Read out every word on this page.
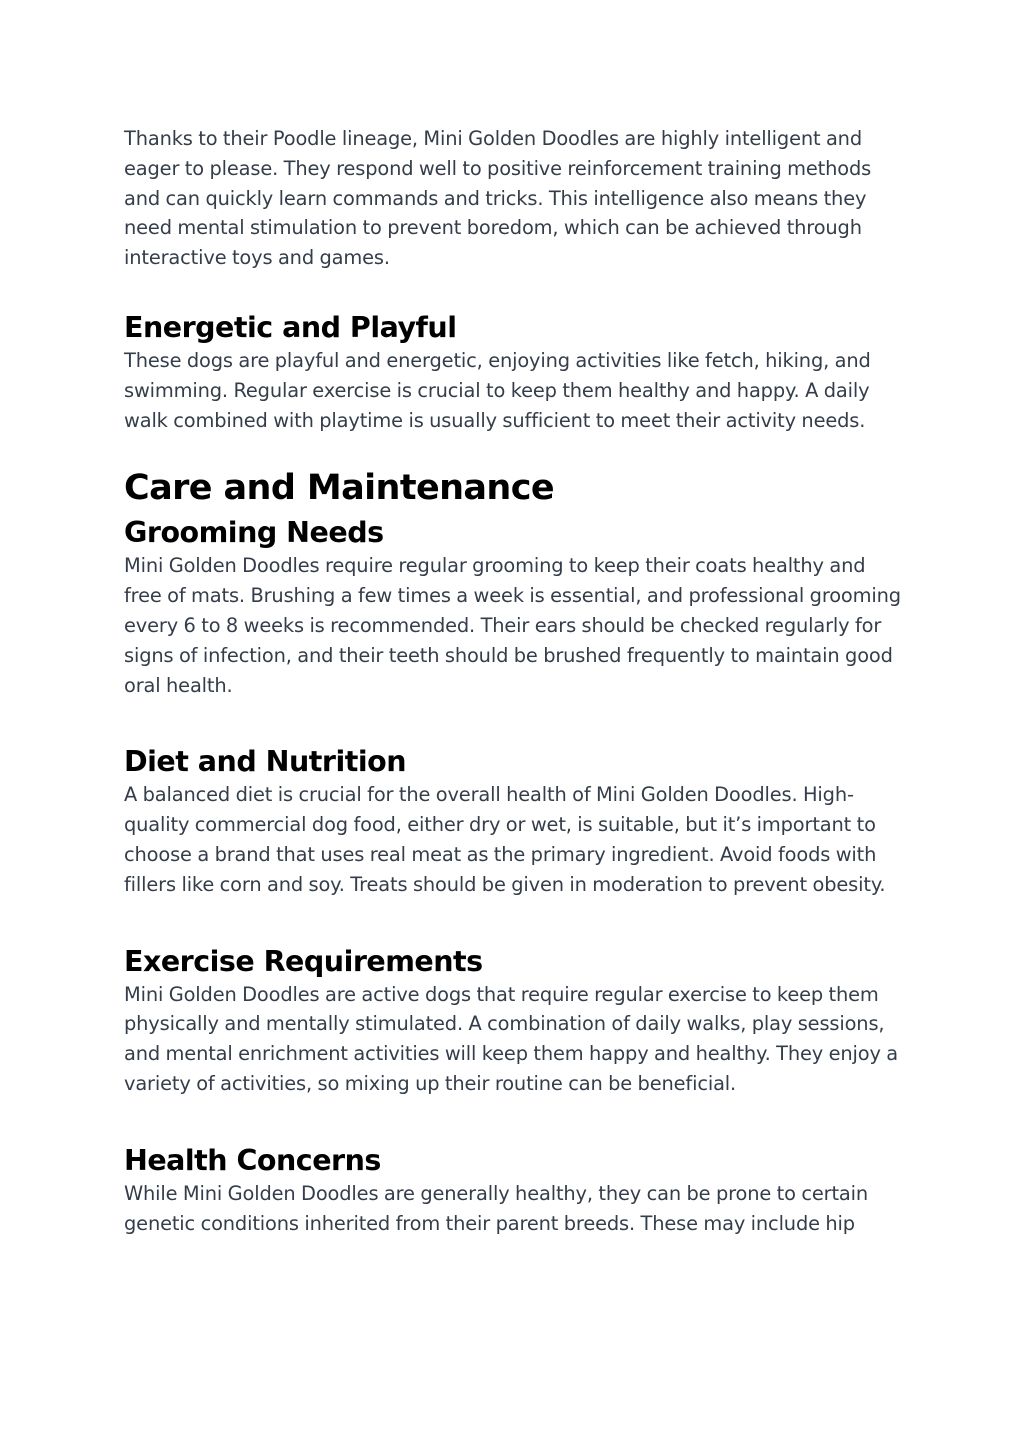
Thanks to their Poodle lineage, Mini Golden Doodles are highly intelligent and eager to please. They respond well to positive reinforcement training methods and can quickly learn commands and tricks. This intelligence also means they need mental stimulation to prevent boredom, which can be achieved through interactive toys and games.

Energetic and Playful

These dogs are playful and energetic, enjoying activities like fetch, hiking, and swimming. Regular exercise is crucial to keep them healthy and happy. A daily walk combined with playtime is usually sufficient to meet their activity needs.

Care and Maintenance
Grooming Needs

Mini Golden Doodles require regular grooming to keep their coats healthy and free of mats. Brushing a few times a week is essential, and professional grooming every 6 to 8 weeks is recommended. Their ears should be checked regularly for signs of infection, and their teeth should be brushed frequently to maintain good oral health.

Diet and Nutrition

A balanced diet is crucial for the overall health of Mini Golden Doodles. High-quality commercial dog food, either dry or wet, is suitable, but it’s important to choose a brand that uses real meat as the primary ingredient. Avoid foods with fillers like corn and soy. Treats should be given in moderation to prevent obesity.

Exercise Requirements

Mini Golden Doodles are active dogs that require regular exercise to keep them physically and mentally stimulated. A combination of daily walks, play sessions, and mental enrichment activities will keep them happy and healthy. They enjoy a variety of activities, so mixing up their routine can be beneficial.

Health Concerns

While Mini Golden Doodles are generally healthy, they can be prone to certain genetic conditions inherited from their parent breeds. These may include hip
